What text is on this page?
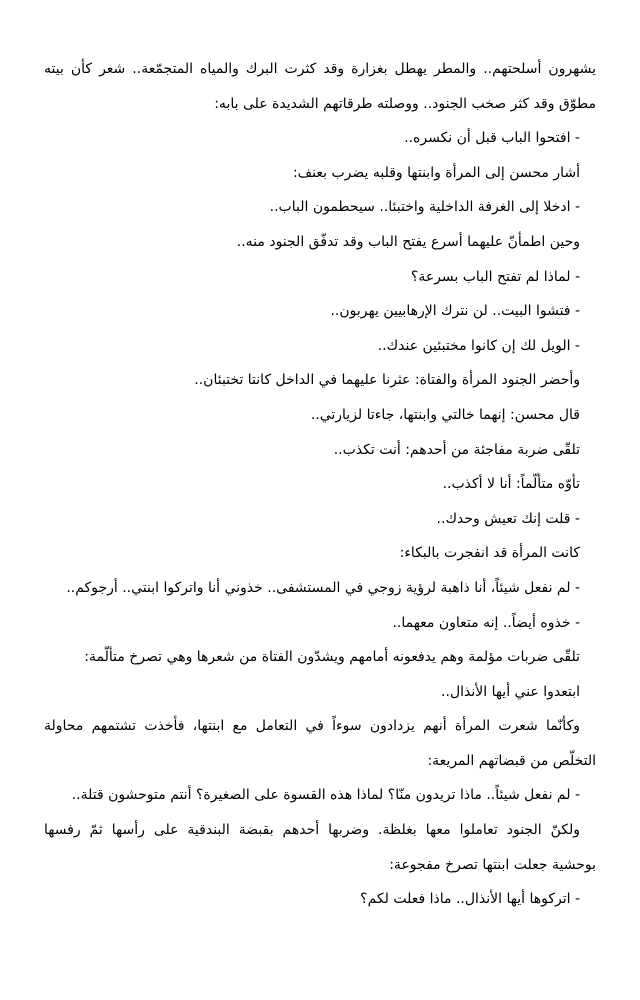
يشهرون أسلحتهم.. والمطر يهطل بغزارة وقد كثرت البرك والمياه المتجمّعة.. شعر كأن بيته

مطوّق وقد كثر صخب الجنود.. ووصلته طرقاتهم الشديدة على بابه:

- افتحوا الباب قبل أن نكسره..

أشار محسن إلى المرأة وابنتها وقلبه يضرب بعنف:

- ادخلا إلى الغرفة الداخلية واختبئا.. سيحطمون الباب..

وحين اطمأنّ عليهما أسرع يفتح الباب وقد تدفّق الجنود منه..

- لماذا لم تفتح الباب بسرعة؟

- فتشوا البيت.. لن نترك الإرهابيين يهربون..

- الويل لك إن كانوا مختبئين عندك..

وأحضر الجنود المرأة والفتاة: عثرنا عليهما في الداخل كانتا تختبئان..

قال محسن: إنهما خالتي وابنتها، جاءتا لزيارتي..

تلقّى ضربة مفاجئة من أحدهم: أنت تكذب..

تأوّه متألّماً: أنا لا أكذب..

- قلت إنك تعيش وحدك..

كانت المرأة قد انفجرت بالبكاء:

- لم نفعل شيئاً، أنا ذاهبة لرؤية زوجي في المستشفى.. خذوني أنا واتركوا ابنتي.. أرجوكم..

- خذوه أيضاً.. إنه متعاون معهما..

تلقّى ضربات مؤلمة وهم يدفعونه أمامهم ويشدّون الفتاة من شعرها وهي تصرخ متألّمة:

ابتعدوا عني أيها الأنذال..

وكأنّما شعرت المرأة أنهم يزدادون سوءاً في التعامل مع ابنتها، فأخذت تشتمهم محاولة

التخلّص من قبضاتهم المريعة:

- لم نفعل شيئاً.. ماذا تريدون منّا؟ لماذا هذه القسوة على الصغيرة؟ أنتم متوحشون قتلة..

ولكنّ الجنود تعاملوا معها بغلظة. وضربها أحدهم بقبضة البندقية على رأسها ثمّ رفسها

بوحشية جعلت ابنتها تصرخ مفجوعة:

- اتركوها أيها الأنذال.. ماذا فعلت لكم؟
